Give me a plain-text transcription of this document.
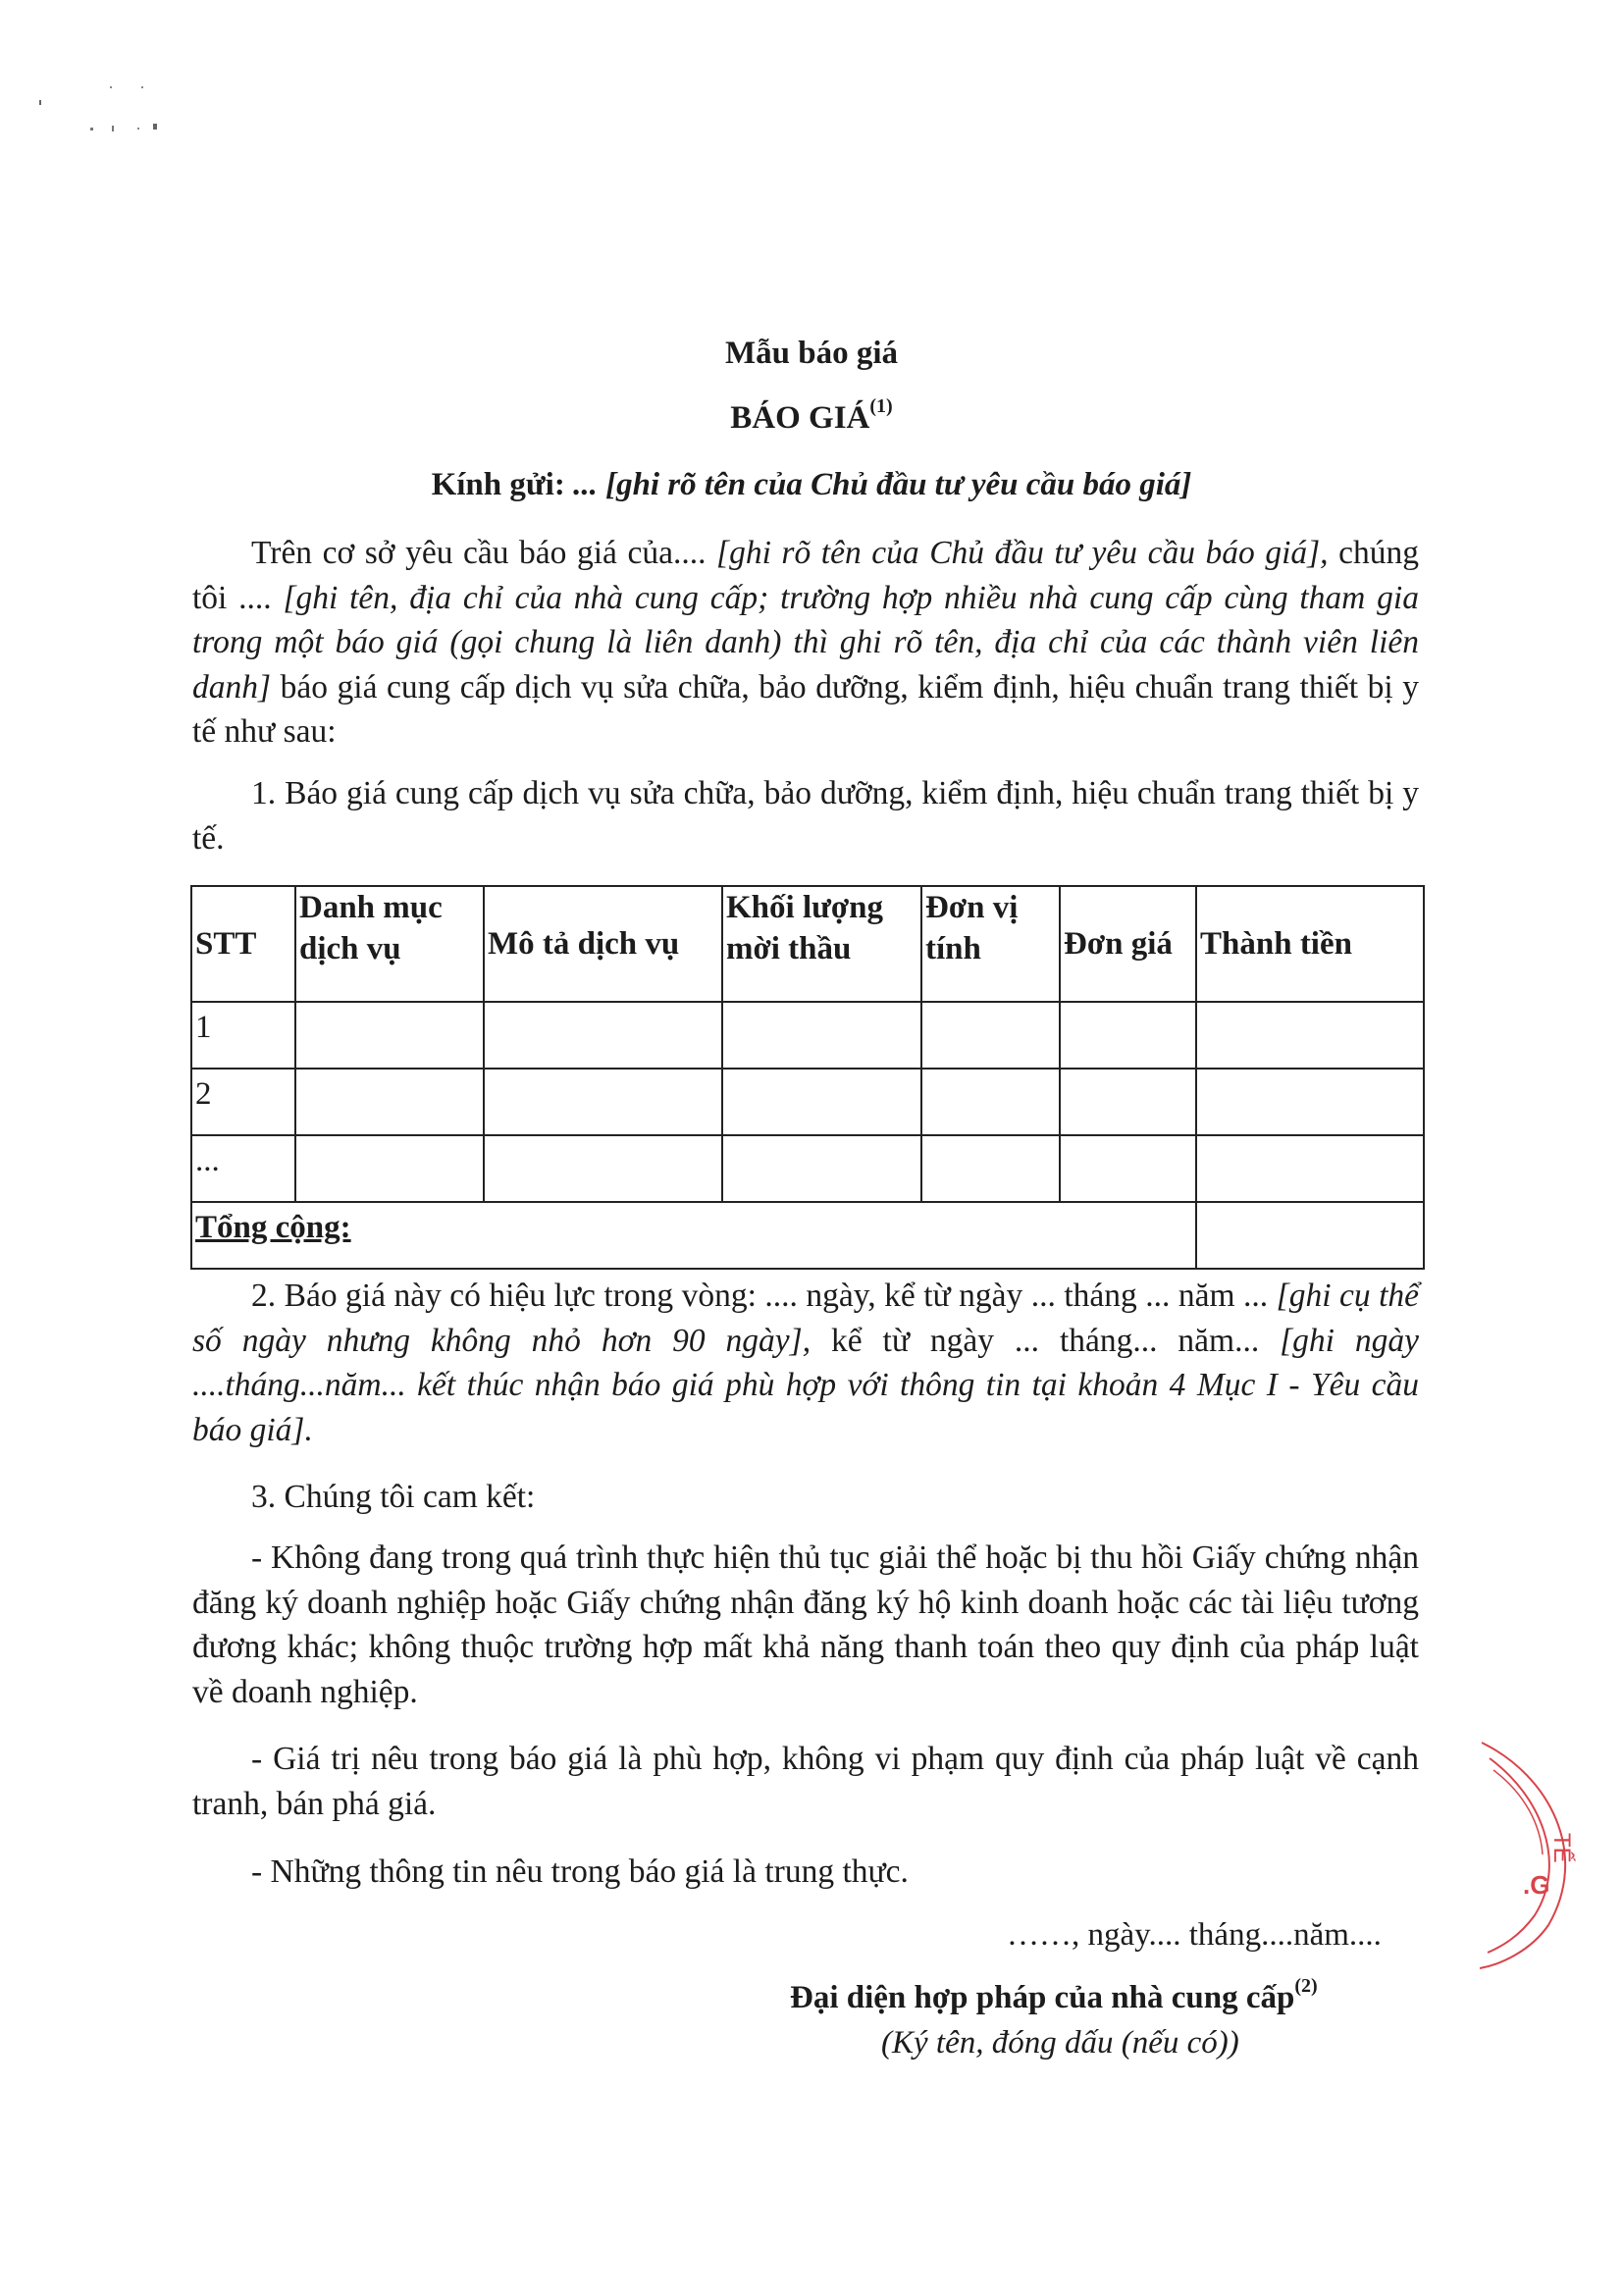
Mẫu báo giá
BÁO GIÁ$^{(1)}$
Kính gửi: ... [ghi rõ tên của Chủ đầu tư yêu cầu báo giá]

Trên cơ sở yêu cầu báo giá của.... [ghi rõ tên của Chủ đầu tư yêu cầu báo giá], chúng tôi .... [ghi tên, địa chỉ của nhà cung cấp; trường hợp nhiều nhà cung cấp cùng tham gia trong một báo giá (gọi chung là liên danh) thì ghi rõ tên, địa chỉ của các thành viên liên danh] báo giá cung cấp dịch vụ sửa chữa, bảo dưỡng, kiểm định, hiệu chuẩn trang thiết bị y tế như sau:

1. Báo giá cung cấp dịch vụ sửa chữa, bảo dưỡng, kiểm định, hiệu chuẩn trang thiết bị y tế.

STT	Danh mục dịch vụ	Mô tả dịch vụ	Khối lượng mời thầu	Đơn vị tính	Đơn giá	Thành tiền
1						
2						
...						
Tổng cộng:						

2. Báo giá này có hiệu lực trong vòng: .... ngày, kể từ ngày ... tháng ... năm ... [ghi cụ thể số ngày nhưng không nhỏ hơn 90 ngày], kể từ ngày ... tháng... năm... [ghi ngày ....tháng...năm... kết thúc nhận báo giá phù hợp với thông tin tại khoản 4 Mục I - Yêu cầu báo giá].

3. Chúng tôi cam kết:

- Không đang trong quá trình thực hiện thủ tục giải thể hoặc bị thu hồi Giấy chứng nhận đăng ký doanh nghiệp hoặc Giấy chứng nhận đăng ký hộ kinh doanh hoặc các tài liệu tương đương khác; không thuộc trường hợp mất khả năng thanh toán theo quy định của pháp luật về doanh nghiệp.

- Giá trị nêu trong báo giá là phù hợp, không vi phạm quy định của pháp luật về cạnh tranh, bán phá giá.

- Những thông tin nêu trong báo giá là trung thực.

……, ngày.... tháng....năm....
Đại diện hợp pháp của nhà cung cấp$^{(2)}$
(Ký tên, đóng dấu (nếu có))
TẾ
.G
